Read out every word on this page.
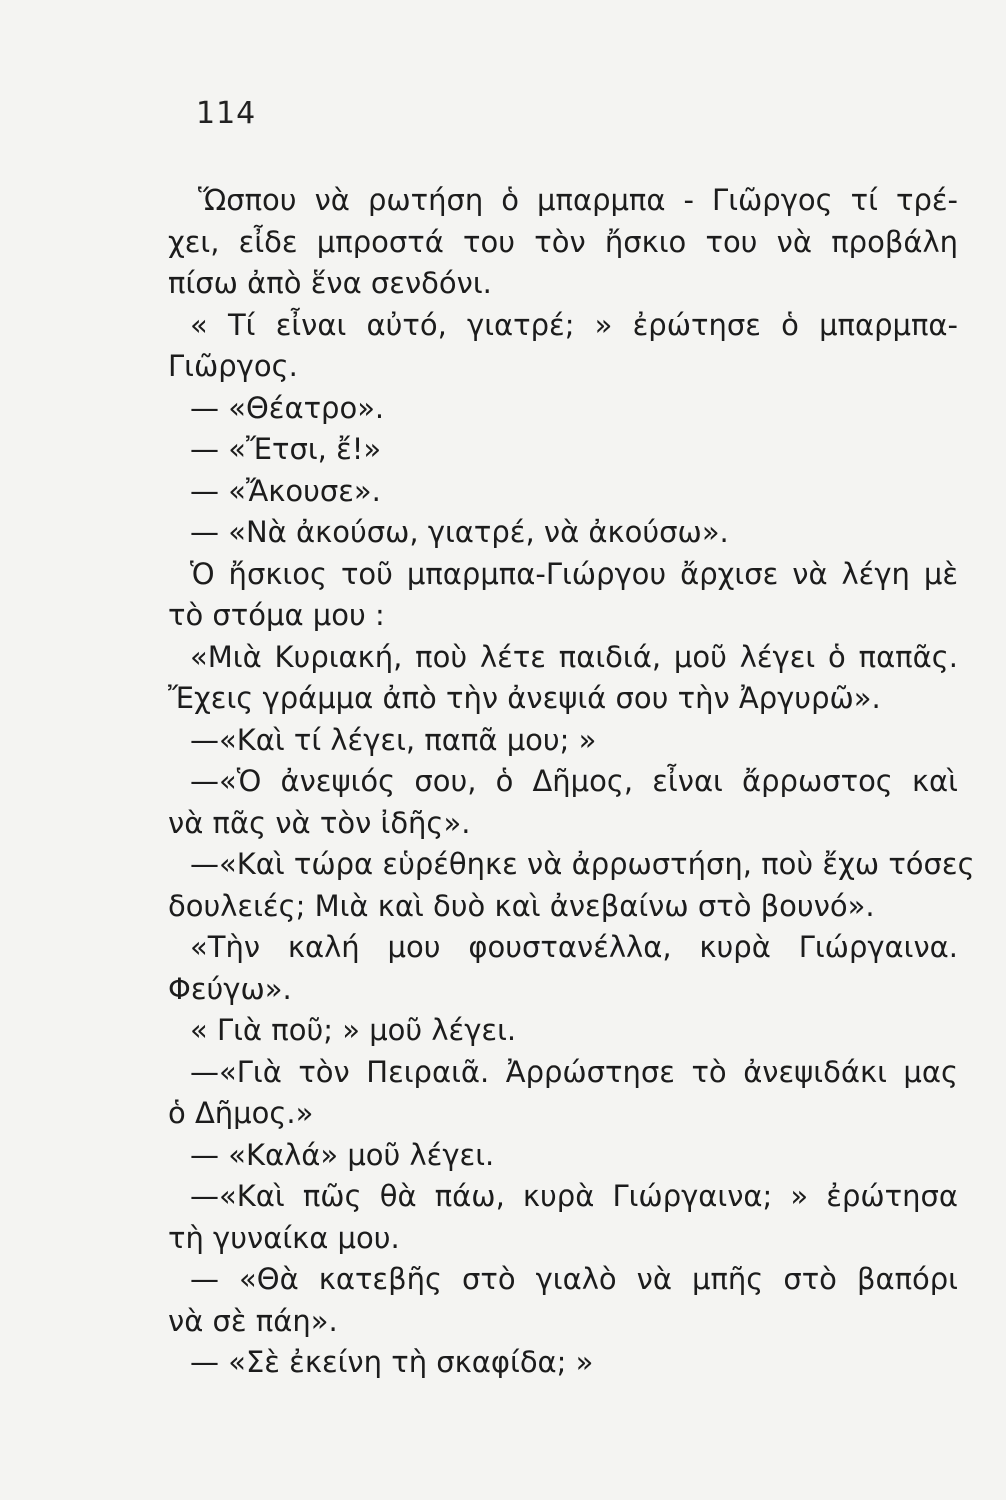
114
Ὥσπου νὰ ρωτήση ὁ μπαρμπα - Γιῶργος τί τρέ-
χει, εἶδε μπροστά του τὸν ἤσκιο του νὰ προβάλη
πίσω ἀπὸ ἕνα σενδόνι.
« Τί εἶναι αὐτό, γιατρέ; » ἐρώτησε ὁ μπαρμπα-
Γιῶργος.
— «Θέατρο».
— «Ἔτσι, ἔ!»
— «Ἄκουσε».
— «Νὰ ἀκούσω, γιατρέ, νὰ ἀκούσω».
Ὁ ἤσκιος τοῦ μπαρμπα-Γιώργου ἄρχισε νὰ λέγη μὲ
τὸ στόμα μου :
«Μιὰ Κυριακή, ποὺ λέτε παιδιά, μοῦ λέγει ὁ παπᾶς.
Ἔχεις γράμμα ἀπὸ τὴν ἀνεψιά σου τὴν Ἀργυρῶ».
—«Καὶ τί λέγει, παπᾶ μου; »
—«Ὁ ἀνεψιός σου, ὁ Δῆμος, εἶναι ἄρρωστος καὶ
νὰ πᾶς νὰ τὸν ἰδῆς».
—«Καὶ τώρα εὑρέθηκε νὰ ἀρρωστήση, ποὺ ἔχω τόσες
δουλειές; Μιὰ καὶ δυὸ καὶ ἀνεβαίνω στὸ βουνό».
«Τὴν καλή μου φουστανέλλα, κυρὰ Γιώργαινα.
Φεύγω».
« Γιὰ ποῦ; » μοῦ λέγει.
—«Γιὰ τὸν Πειραιᾶ. Ἀρρώστησε τὸ ἀνεψιδάκι μας
ὁ Δῆμος.»
— «Καλά» μοῦ λέγει.
—«Καὶ πῶς θὰ πάω, κυρὰ Γιώργαινα; » ἐρώτησα
τὴ γυναίκα μου.
— «Θὰ κατεβῆς στὸ γιαλὸ νὰ μπῆς στὸ βαπόρι
νὰ σὲ πάη».
— «Σὲ ἐκείνη τὴ σκαφίδα; »
